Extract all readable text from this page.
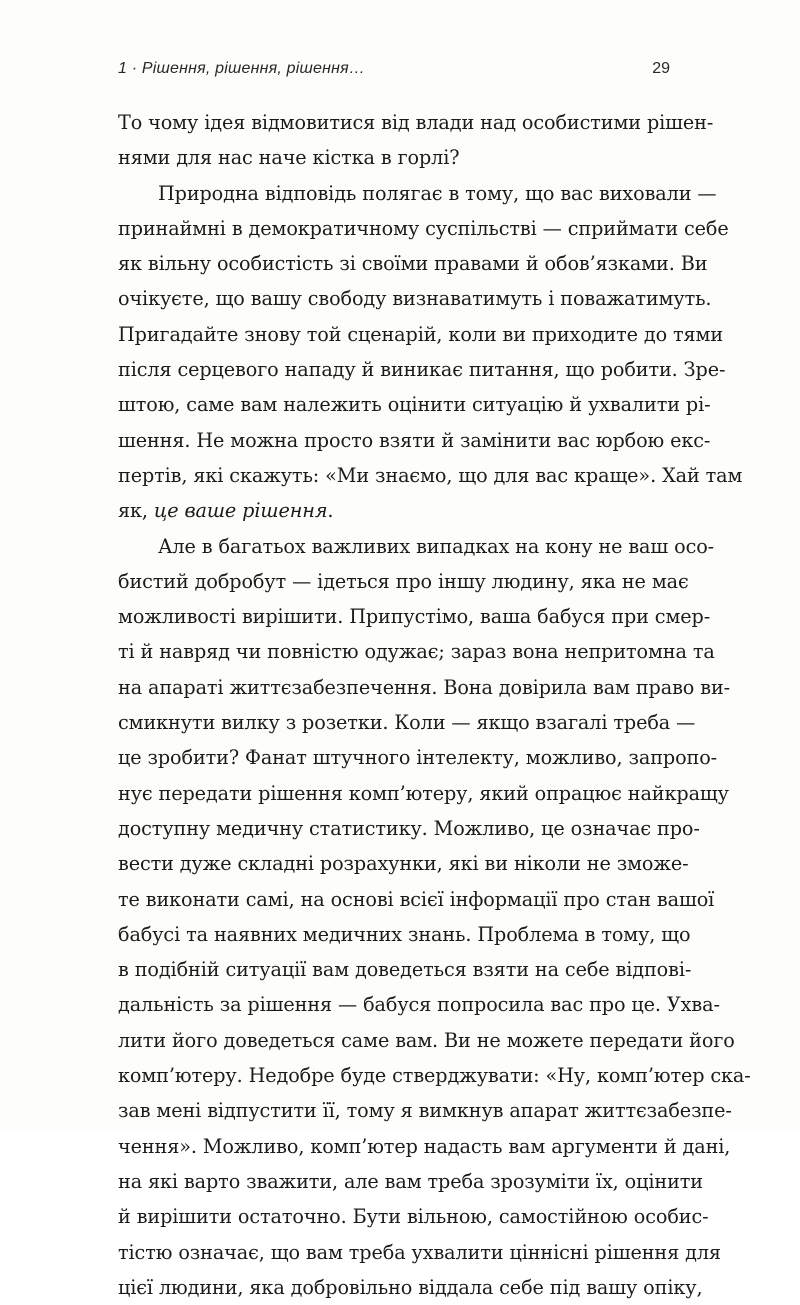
1 · Рішення, рішення, рішення…	29
То чому ідея відмовитися від влади над особистими рішен-
нями для нас наче кістка в горлі?
Природна відповідь полягає в тому, що вас виховали —
принаймні в демократичному суспільстві — сприймати себе
як вільну особистість зі своїми правами й обов’язками. Ви
очікуєте, що вашу свободу визнаватимуть і поважатимуть.
Пригадайте знову той сценарій, коли ви приходите до тями
після серцевого нападу й виникає питання, що робити. Зре-
штою, саме вам належить оцінити ситуацію й ухвалити рі-
шення. Не можна просто взяти й замінити вас юрбою екс-
пертів, які скажуть: «Ми знаємо, що для вас краще». Хай там
як, це ваше рішення.
Але в багатьох важливих випадках на кону не ваш осо-
бистий добробут — ідеться про іншу людину, яка не має
можливості вирішити. Припустімо, ваша бабуся при смер-
ті й навряд чи повністю одужає; зараз вона непритомна та
на апараті життєзабезпечення. Вона довірила вам право ви-
смикнути вилку з розетки. Коли — якщо взагалі треба —
це зробити? Фанат штучного інтелекту, можливо, запропо-
нує передати рішення комп’ютеру, який опрацює найкращу
доступну медичну статистику. Можливо, це означає про-
вести дуже складні розрахунки, які ви ніколи не зможе-
те виконати самі, на основі всієї інформації про стан вашої
бабусі та наявних медичних знань. Проблема в тому, що
в подібній ситуації вам доведеться взяти на себе відпові-
дальність за рішення — бабуся попросила вас про це. Ухва-
лити його доведеться саме вам. Ви не можете передати його
комп’ютеру. Недобре буде стверджувати: «Ну, комп’ютер ска-
зав мені відпустити її, тому я вимкнув апарат життєзабезпе-
чення». Можливо, комп’ютер надасть вам аргументи й дані,
на які варто зважити, але вам треба зрозуміти їх, оцінити
й вирішити остаточно. Бути вільною, самостійною особис-
тістю означає, що вам треба ухвалити ціннісні рішення для
цієї людини, яка добровільно віддала себе під вашу опіку,
